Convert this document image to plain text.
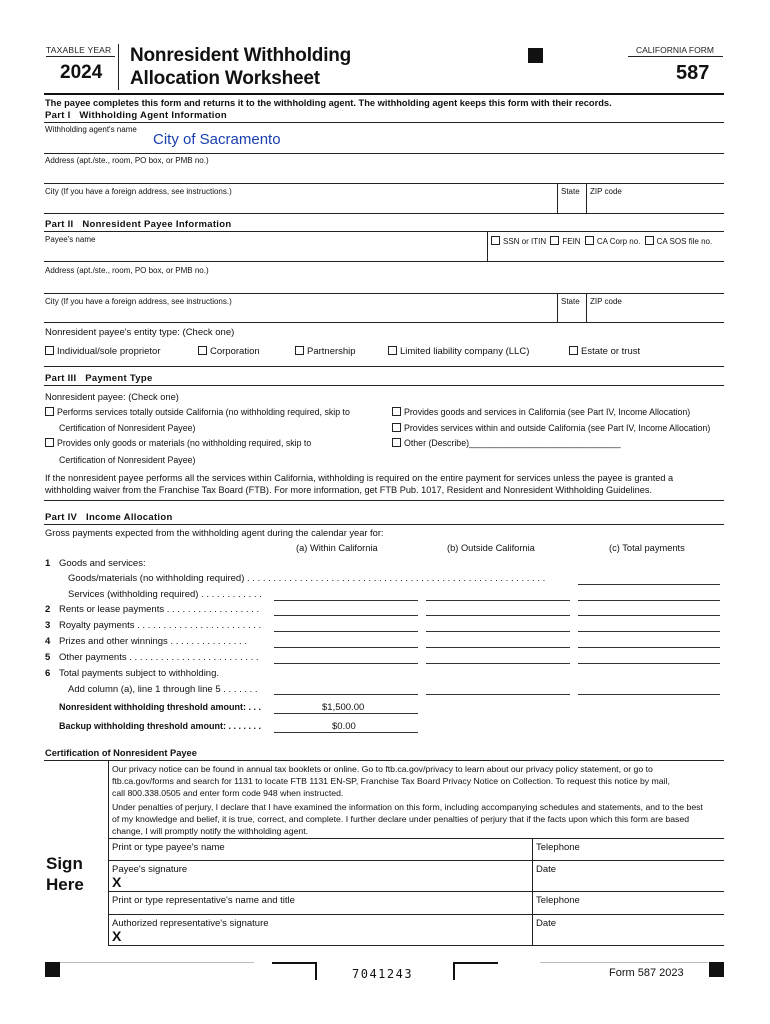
TAXABLE YEAR
2024
Nonresident Withholding
Allocation Worksheet
CALIFORNIA FORM
587
The payee completes this form and returns it to the withholding agent. The withholding agent keeps this form with their records.
Part I   Withholding Agent Information
Withholding agent's name
City of Sacramento
Address (apt./ste., room, PO box, or PMB no.)
City (If you have a foreign address, see instructions.)	State ZIP code
Part II   Nonresident Payee Information
Payee's name	SSN or ITIN FEIN CA Corp no. CA SOS file no.
Address (apt./ste., room, PO box, or PMB no.)
City (If you have a foreign address, see instructions.)	State ZIP code
Nonresident payee's entity type: (Check one)
Individual/sole proprietor	Corporation	Partnership	Limited liability company (LLC)	Estate or trust
Part III   Payment Type
Nonresident payee: (Check one)
Performs services totally outside California (no withholding required, skip to
Certification of Nonresident Payee)
Provides only goods or materials (no withholding required, skip to
Certification of Nonresident Payee)
Provides goods and services in California (see Part IV, Income Allocation)
Provides services within and outside California (see Part IV, Income Allocation)
Other (Describe)_______________________________
If the nonresident payee performs all the services within California, withholding is required on the entire payment for services unless the payee is granted a
withholding waiver from the Franchise Tax Board (FTB). For more information, get FTB Pub. 1017, Resident and Nonresident Withholding Guidelines.
Part IV   Income Allocation
Gross payments expected from the withholding agent during the calendar year for:
(a) Within California	(b) Outside California	(c) Total payments
1 Goods and services:
Goods/materials (no withholding required) . . . . . . . . . . . . . . . . . . . . . . . . . . . . . . . . . . . . . . . . . . . . . . . . . . . . . . . . .
Services (withholding required) . . . . . . . . . . . .
2 Rents or lease payments . . . . . . . . . . . . . . . . . .
3 Royalty payments . . . . . . . . . . . . . . . . . . . . . . . .
4 Prizes and other winnings . . . . . . . . . . . . . . .
5 Other payments . . . . . . . . . . . . . . . . . . . . . . . . .
6 Total payments subject to withholding.
Add column (a), line 1 through line 5 . . . . . . .
Nonresident withholding threshold amount: . . .	$1,500.00
Backup withholding threshold amount: . . . . . . .	$0.00
Certification of Nonresident Payee
Our privacy notice can be found in annual tax booklets or online. Go to ftb.ca.gov/privacy to learn about our privacy policy statement, or go to
ftb.ca.gov/forms and search for 1131 to locate FTB 1131 EN-SP, Franchise Tax Board Privacy Notice on Collection. To request this notice by mail,
call 800.338.0505 and enter form code 948 when instructed.
Under penalties of perjury, I declare that I have examined the information on this form, including accompanying schedules and statements, and to the best
of my knowledge and belief, it is true, correct, and complete. I further declare under penalties of perjury that if the facts upon which this form are based
change, I will promptly notify the withholding agent.
Sign
Here
Print or type payee's name	Telephone
Payee's signature
X
Date
Print or type representative's name and title	Telephone
Authorized representative's signature
X
Date
7041243	Form 587 2023
